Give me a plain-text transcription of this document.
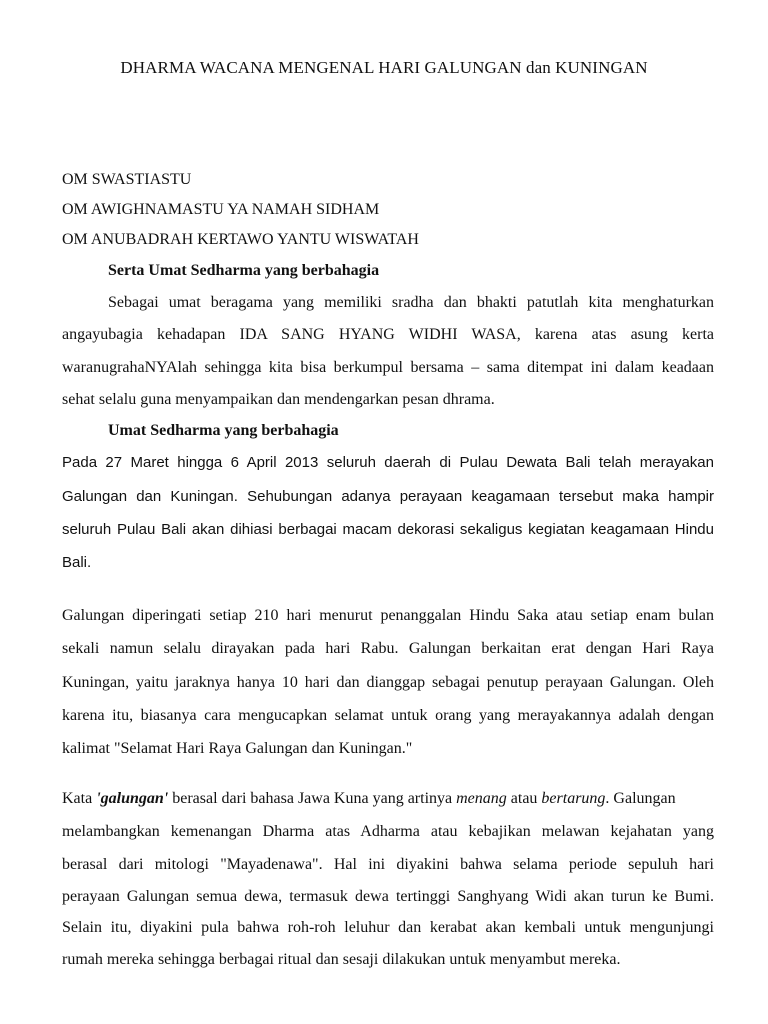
DHARMA WACANA MENGENAL HARI GALUNGAN dan KUNINGAN
OM SWASTIASTU
OM AWIGHNAMASTU YA NAMAH SIDHAM
OM ANUBADRAH KERTAWO YANTU WISWATAH
Serta Umat Sedharma yang berbahagia
Sebagai umat beragama yang memiliki sradha dan bhakti patutlah kita menghaturkan
angayubagia kehadapan IDA SANG HYANG WIDHI WASA, karena atas asung kerta
waranugrahaNYAlah sehingga kita bisa berkumpul bersama – sama ditempat ini dalam keadaan
sehat selalu guna menyampaikan dan mendengarkan pesan dhrama.
Umat Sedharma yang berbahagia
Pada 27 Maret hingga 6 April 2013 seluruh daerah di Pulau Dewata Bali telah merayakan
Galungan dan Kuningan. Sehubungan adanya perayaan keagamaan tersebut maka hampir
seluruh Pulau Bali akan dihiasi berbagai macam dekorasi sekaligus kegiatan keagamaan Hindu
Bali.
Galungan diperingati setiap 210 hari menurut penanggalan Hindu Saka atau setiap enam bulan
sekali namun selalu dirayakan pada hari Rabu. Galungan berkaitan erat dengan Hari Raya
Kuningan, yaitu jaraknya hanya 10 hari dan dianggap sebagai penutup perayaan Galungan. Oleh
karena itu, biasanya cara mengucapkan selamat untuk orang yang merayakannya adalah dengan
kalimat "Selamat Hari Raya Galungan dan Kuningan."
Kata 'galungan' berasal dari bahasa Jawa Kuna yang artinya menang atau bertarung. Galungan
melambangkan kemenangan Dharma atas Adharma atau kebajikan melawan kejahatan yang
berasal dari mitologi "Mayadenawa". Hal ini diyakini bahwa selama periode sepuluh hari
perayaan Galungan semua dewa, termasuk dewa tertinggi Sanghyang Widi akan turun ke Bumi.
Selain itu, diyakini pula bahwa roh-roh leluhur dan kerabat akan kembali untuk mengunjungi
rumah mereka sehingga berbagai ritual dan sesaji dilakukan untuk menyambut mereka.
